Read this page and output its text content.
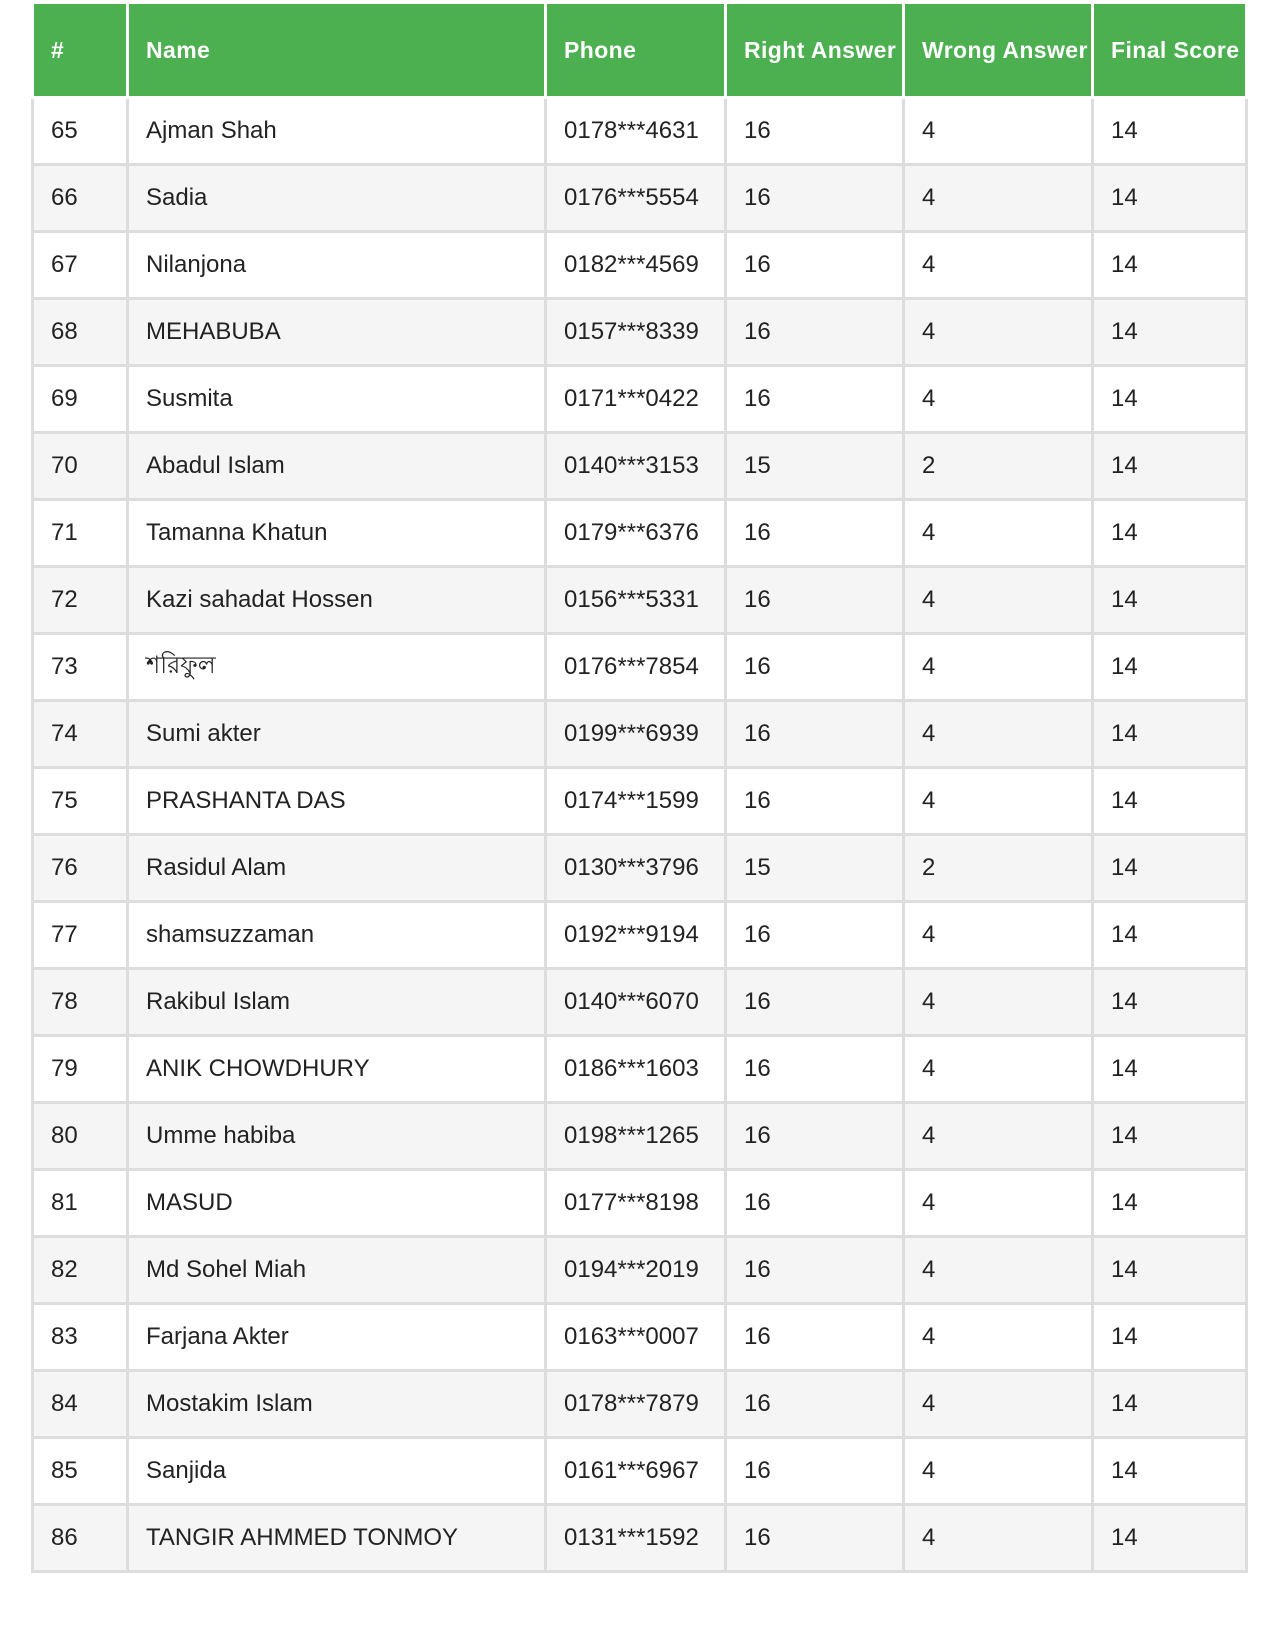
#	Name	Phone	Right Answer	Wrong Answer	Final Score
65	Ajman Shah	0178***4631	16	4	14
66	Sadia	0176***5554	16	4	14
67	Nilanjona	0182***4569	16	4	14
68	MEHABUBA	0157***8339	16	4	14
69	Susmita	0171***0422	16	4	14
70	Abadul Islam	0140***3153	15	2	14
71	Tamanna Khatun	0179***6376	16	4	14
72	Kazi sahadat Hossen	0156***5331	16	4	14
73	শরিফুল	0176***7854	16	4	14
74	Sumi akter	0199***6939	16	4	14
75	PRASHANTA DAS	0174***1599	16	4	14
76	Rasidul Alam	0130***3796	15	2	14
77	shamsuzzaman	0192***9194	16	4	14
78	Rakibul Islam	0140***6070	16	4	14
79	ANIK CHOWDHURY	0186***1603	16	4	14
80	Umme habiba	0198***1265	16	4	14
81	MASUD	0177***8198	16	4	14
82	Md Sohel Miah	0194***2019	16	4	14
83	Farjana Akter	0163***0007	16	4	14
84	Mostakim Islam	0178***7879	16	4	14
85	Sanjida	0161***6967	16	4	14
86	TANGIR AHMMED TONMOY	0131***1592	16	4	14
